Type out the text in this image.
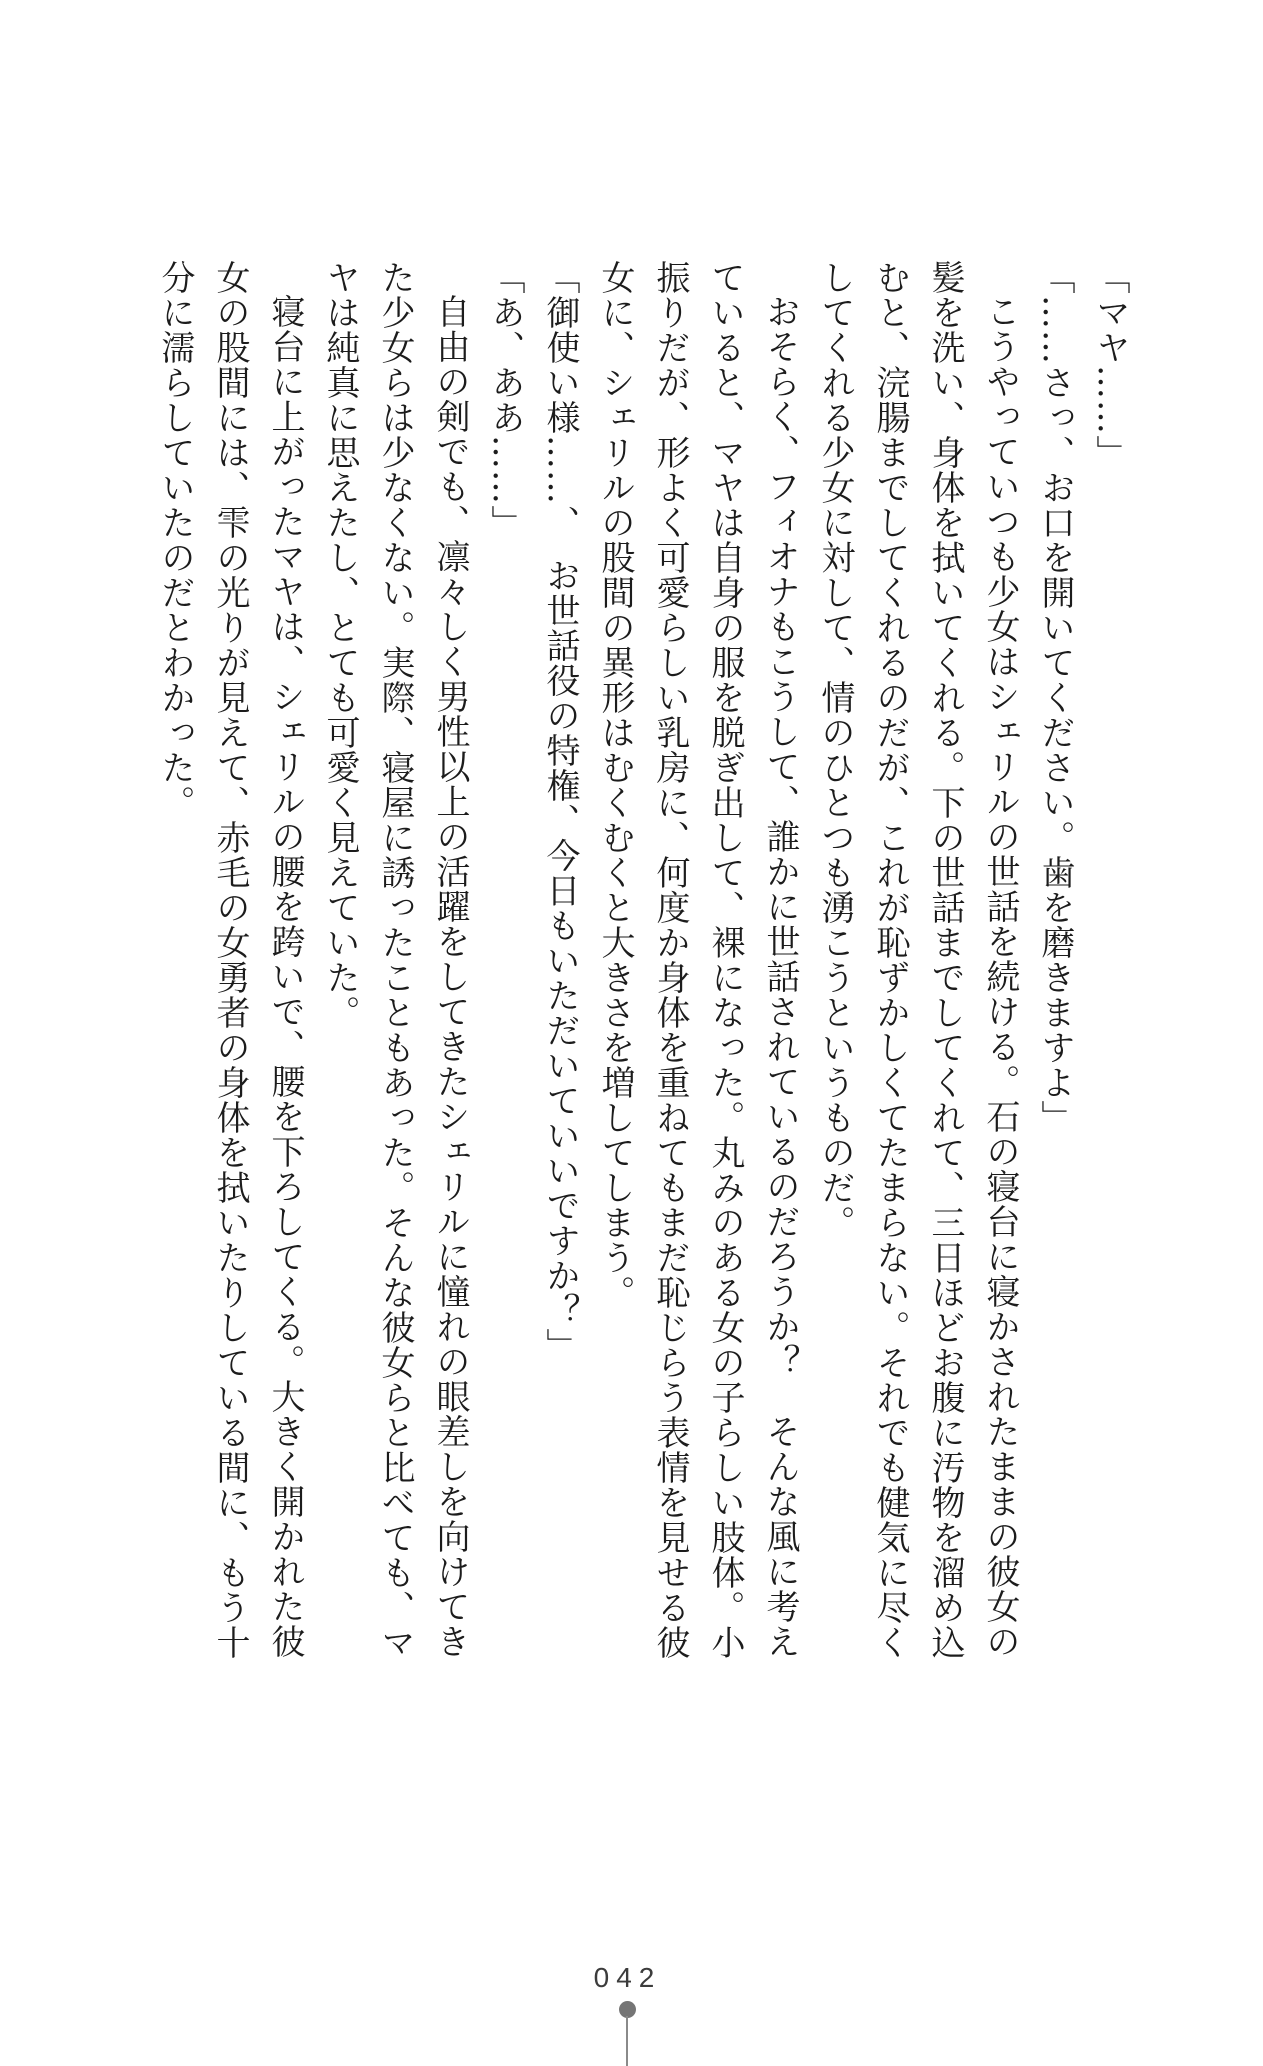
「マヤ……」

「……さっ、お口を開いてください。歯を磨きますよ」

こうやっていつも少女はシェリルの世話を続ける。石の寝台に寝かされたままの彼女の髪を洗い、身体を拭いてくれる。下の世話までしてくれて、三日ほどお腹に汚物を溜め込むと、浣腸までしてくれるのだが、これが恥ずかしくてたまらない。それでも健気に尽くしてくれる少女に対して、情のひとつも湧こうというものだ。

おそらく、フィオナもこうして、誰かに世話されているのだろうか？　そんな風に考えていると、マヤは自身の服を脱ぎ出して、裸になった。丸みのある女の子らしい肢体。小振りだが、形よく可愛らしい乳房に、何度か身体を重ねてもまだ恥じらう表情を見せる彼女に、シェリルの股間の異形はむくむくと大きさを増してしまう。

「御使い様……、　お世話役の特権、今日もいただいていいですか？」

「あ、ああ……」

自由の剣でも、凛々しく男性以上の活躍をしてきたシェリルに憧れの眼差しを向けてきた少女らは少なくない。実際、寝屋に誘ったこともあった。そんな彼女らと比べても、マヤは純真に思えたし、とても可愛く見えていた。

寝台に上がったマヤは、シェリルの腰を跨いで、腰を下ろしてくる。大きく開かれた彼女の股間には、雫の光りが見えて、赤毛の女勇者の身体を拭いたりしている間に、もう十分に濡らしていたのだとわかった。

042
